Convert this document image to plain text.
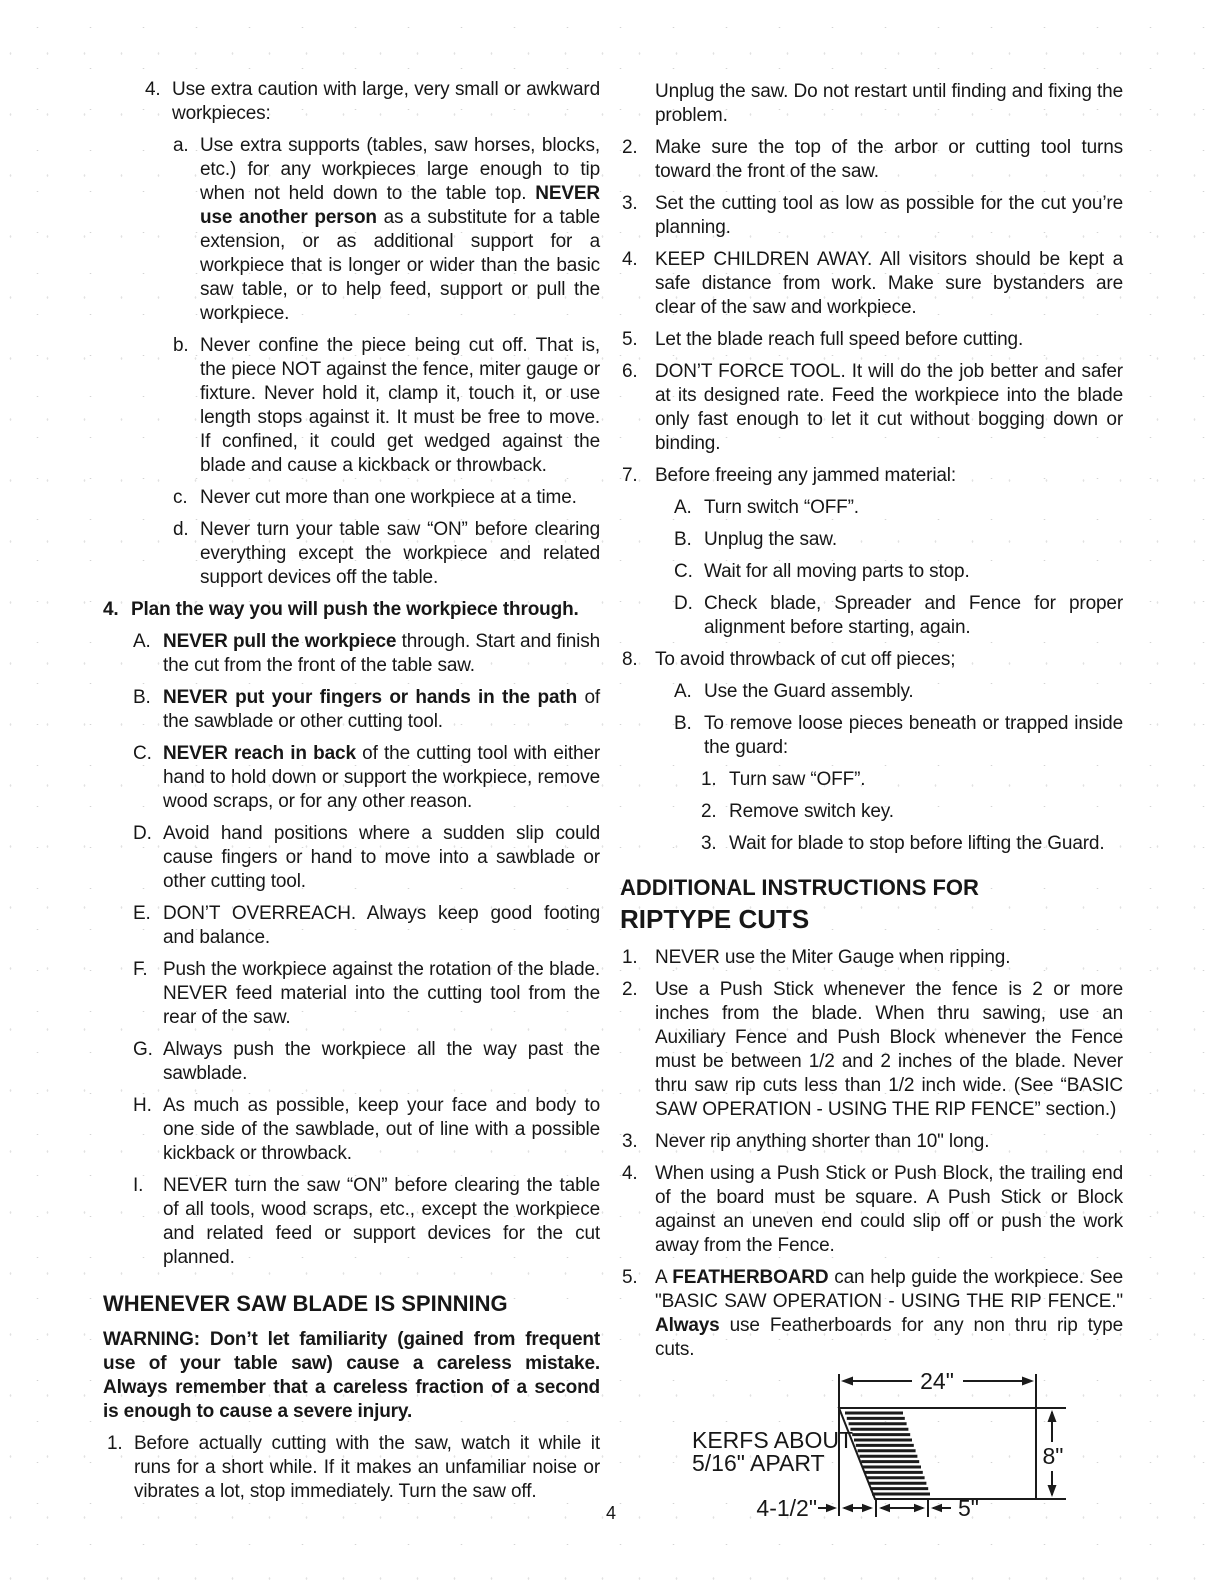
4. Use extra caution with large, very small or awkward workpieces:
a. Use extra supports (tables, saw horses, blocks, etc.) for any workpieces large enough to tip when not held down to the table top. NEVER use another person as a substitute for a table extension, or as additional support for a workpiece that is longer or wider than the basic saw table, or to help feed, support or pull the workpiece.
b. Never confine the piece being cut off. That is, the piece NOT against the fence, miter gauge or fixture. Never hold it, clamp it, touch it, or use length stops against it. It must be free to move. If confined, it could get wedged against the blade and cause a kickback or throwback.
c. Never cut more than one workpiece at a time.
d. Never turn your table saw “ON” before clearing everything except the workpiece and related support devices off the table.
4. Plan the way you will push the workpiece through.
A. NEVER pull the workpiece through. Start and finish the cut from the front of the table saw.
B. NEVER put your fingers or hands in the path of the sawblade or other cutting tool.
C. NEVER reach in back of the cutting tool with either hand to hold down or support the workpiece, remove wood scraps, or for any other reason.
D. Avoid hand positions where a sudden slip could cause fingers or hand to move into a sawblade or other cutting tool.
E. DON’T OVERREACH. Always keep good footing and balance.
F. Push the workpiece against the rotation of the blade. NEVER feed material into the cutting tool from the rear of the saw.
G. Always push the workpiece all the way past the sawblade.
H. As much as possible, keep your face and body to one side of the sawblade, out of line with a possible kickback or throwback.
I. NEVER turn the saw “ON” before clearing the table of all tools, wood scraps, etc., except the workpiece and related feed or support devices for the cut planned.
WHENEVER SAW BLADE IS SPINNING
WARNING: Don’t let familiarity (gained from frequent use of your table saw) cause a careless mistake. Always remember that a careless fraction of a second is enough to cause a severe injury.
1. Before actually cutting with the saw, watch it while it runs for a short while. If it makes an unfamiliar noise or vibrates a lot, stop immediately. Turn the saw off.
Unplug the saw. Do not restart until finding and fixing the problem.
2. Make sure the top of the arbor or cutting tool turns toward the front of the saw.
3. Set the cutting tool as low as possible for the cut you’re planning.
4. KEEP CHILDREN AWAY. All visitors should be kept a safe distance from work. Make sure bystanders are clear of the saw and workpiece.
5. Let the blade reach full speed before cutting.
6. DON’T FORCE TOOL. It will do the job better and safer at its designed rate. Feed the workpiece into the blade only fast enough to let it cut without bogging down or binding.
7. Before freeing any jammed material:
A. Turn switch “OFF”.
B. Unplug the saw.
C. Wait for all moving parts to stop.
D. Check blade, Spreader and Fence for proper alignment before starting, again.
8. To avoid throwback of cut off pieces;
A. Use the Guard assembly.
B. To remove loose pieces beneath or trapped inside the guard:
1. Turn saw “OFF”.
2. Remove switch key.
3. Wait for blade to stop before lifting the Guard.
ADDITIONAL INSTRUCTIONS FOR
RIPTYPE CUTS
1. NEVER use the Miter Gauge when ripping.
2. Use a Push Stick whenever the fence is 2 or more inches from the blade. When thru sawing, use an Auxiliary Fence and Push Block whenever the Fence must be between 1/2 and 2 inches of the blade. Never thru saw rip cuts less than 1/2 inch wide. (See “BASIC SAW OPERATION - USING THE RIP FENCE” section.)
3. Never rip anything shorter than 10" long.
4. When using a Push Stick or Push Block, the trailing end of the board must be square. A Push Stick or Block against an uneven end could slip off or push the work away from the Fence.
5. A FEATHERBOARD can help guide the workpiece. See "BASIC SAW OPERATION - USING THE RIP FENCE." Always use Featherboards for any non thru rip type cuts.
KERFS ABOUT
5/16" APART
24"
8"
4-1/2"	5"
4
